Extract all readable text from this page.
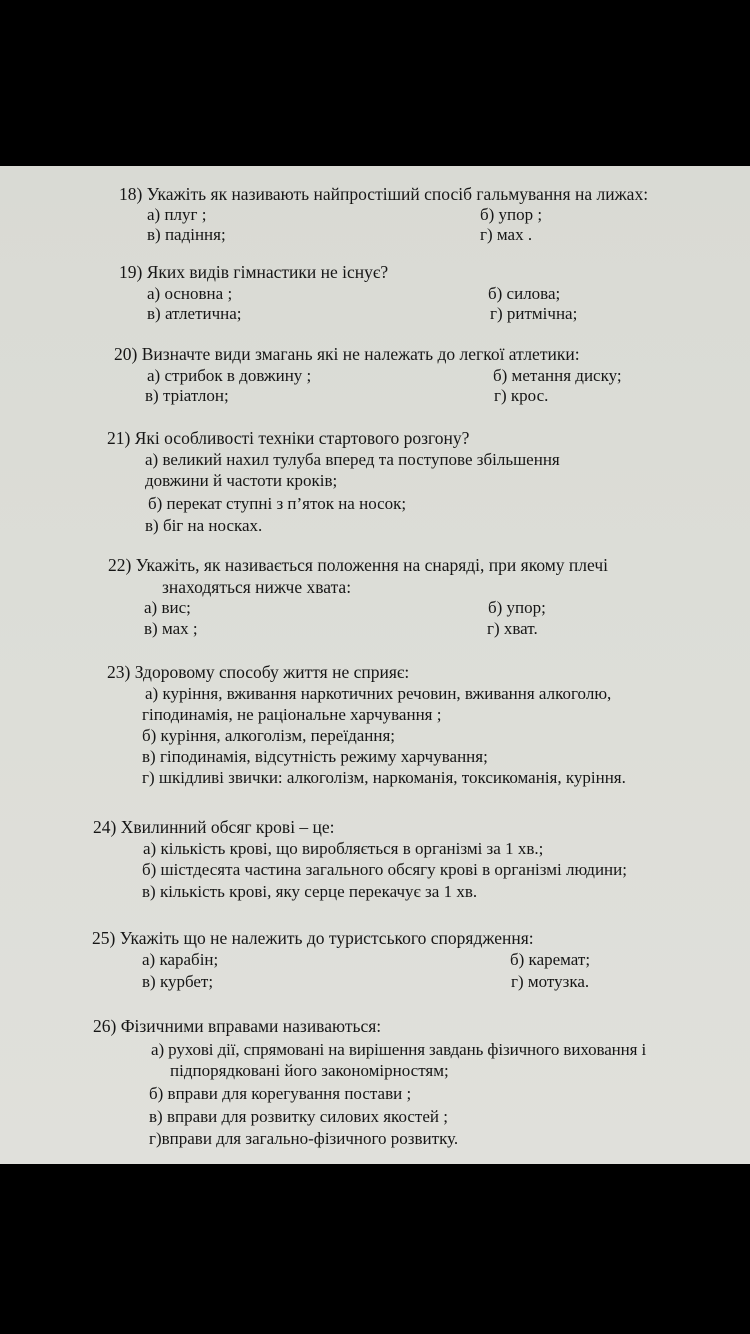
18) Укажіть як називають найпростіший спосіб гальмування на лижах:
а) плуг ;	б) упор ;
в) падіння;	г) мах .
19) Яких видів гімнастики не існує?
а) основна ;	б) силова;
в) атлетична;	г) ритмічна;
20) Визначте види змагань які не належать до легкої атлетики:
а) стрибок в довжину ;	б) метання диску;
в) тріатлон;	г) крос.
21) Які особливості техніки стартового розгону?
а) великий нахил тулуба вперед та поступове збільшення
довжини й частоти кроків;
б) перекат ступні з п’яток на носок;
в) біг на носках.
22) Укажіть, як називається положення на снаряді, при якому плечі
знаходяться нижче хвата:
а) вис;	б) упор;
в) мах ;	г) хват.
23) Здоровому способу життя не сприяє:
а) куріння, вживання наркотичних речовин, вживання алкоголю,
гіподинамія, не раціональне харчування ;
б) куріння, алкоголізм, переїдання;
в) гіподинамія, відсутність режиму харчування;
г) шкідливі звички: алкоголізм, наркоманія, токсикоманія, куріння.
24) Хвилинний обсяг крові – це:
а) кількість крові, що виробляється в організмі за 1 хв.;
б) шістдесята частина загального обсягу крові в організмі людини;
в) кількість крові, яку серце перекачує за 1 хв.
25) Укажіть що не належить до туристського спорядження:
а) карабін;	б) каремат;
в) курбет;	г) мотузка.
26) Фізичними вправами називаються:
а) рухові дії, спрямовані на вирішення завдань фізичного виховання і
підпорядковані його закономірностям;
б) вправи для корегування постави ;
в) вправи для розвитку силових якостей ;
г)вправи для загально-фізичного розвитку.
